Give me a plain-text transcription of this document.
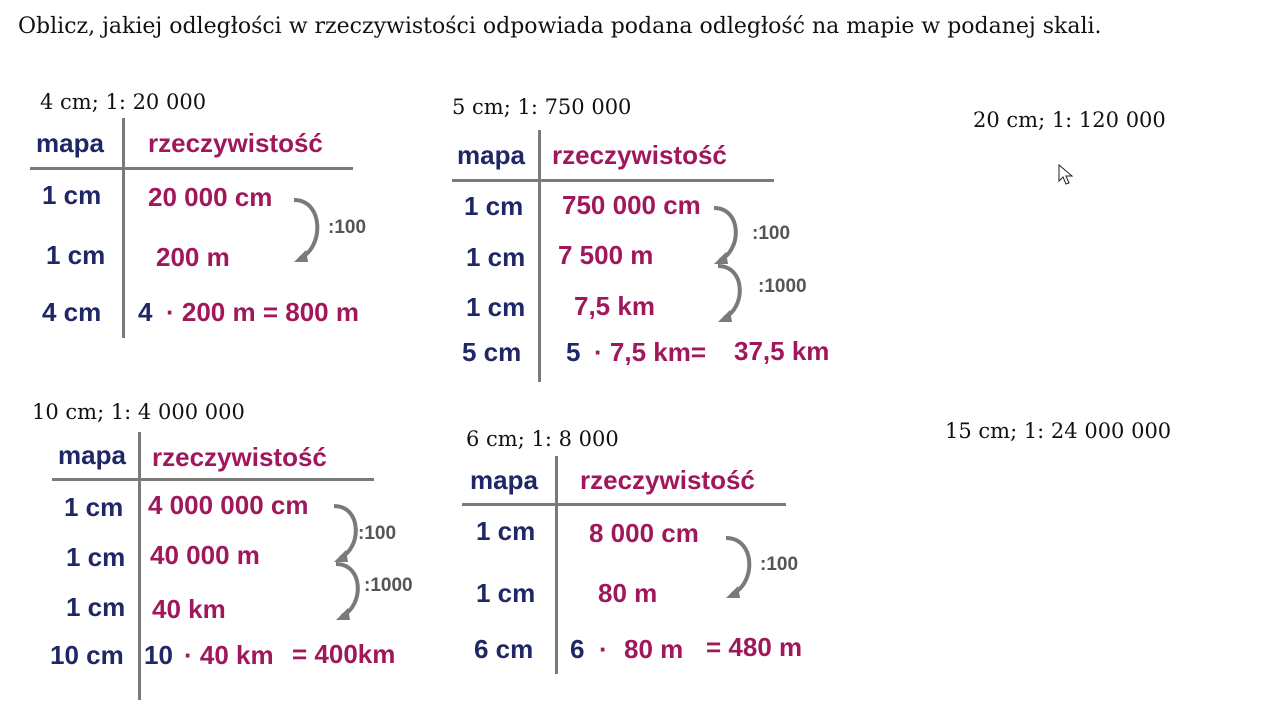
Oblicz, jakiej odległości w rzeczywistości odpowiada podana odległość na mapie w podanej skali.
4 cm; 1: 20 000
mapa rzeczywistość
1 cm 20 000 cm
1 cm 200 m
4 cm 4 · 200 m = 800 m
:100
5 cm; 1: 750 000
mapa rzeczywistość
1 cm 750 000 cm
1 cm 7 500 m
1 cm 7,5 km
5 cm 5 · 7,5 km= 37,5 km
:100
:1000
20 cm; 1: 120 000
10 cm; 1: 4 000 000
mapa rzeczywistość
1 cm 4 000 000 cm
1 cm 40 000 m
1 cm 40 km
10 cm 10 · 40 km = 400km
:100
:1000
6 cm; 1: 8 000
mapa rzeczywistość
1 cm 8 000 cm
1 cm 80 m
6 cm 6 · 80 m = 480 m
:100
15 cm; 1: 24 000 000
